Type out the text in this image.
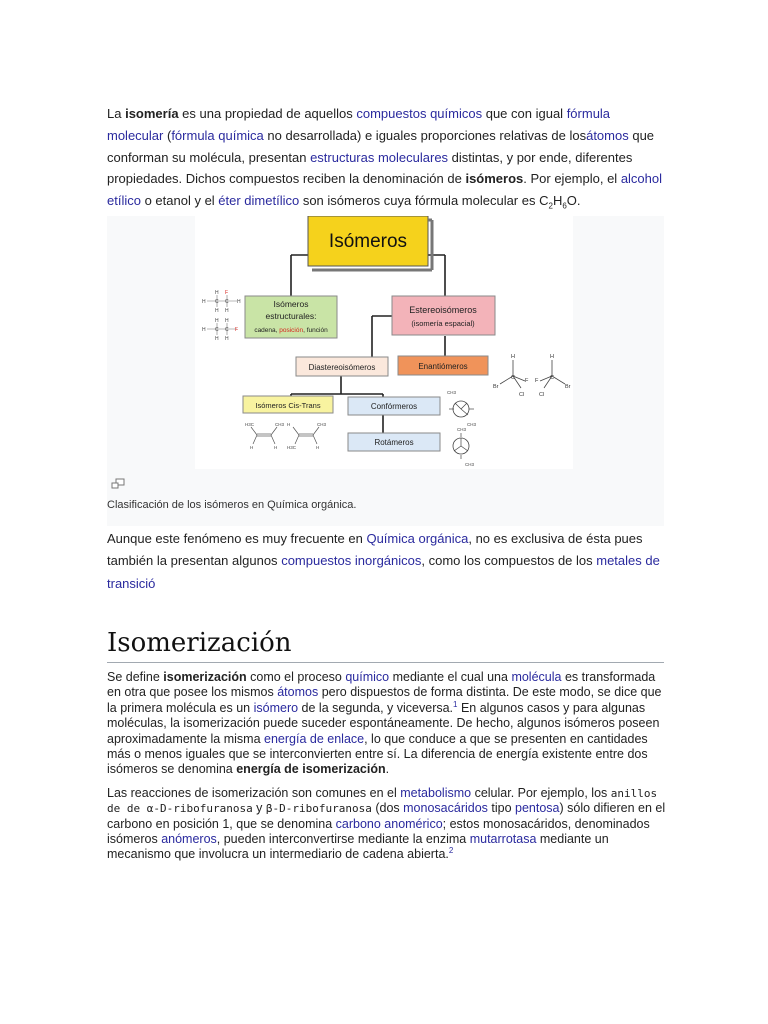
La isomería es una propiedad de aquellos compuestos químicos que con igual fórmula molecular (fórmula química no desarrollada) e iguales proporciones relativas de losátomos que conforman su molécula, presentan estructuras moleculares distintas, y por ende, diferentes propiedades. Dichos compuestos reciben la denominación de isómeros. Por ejemplo, el alcohol etílico o etanol y el éter dimetílico son isómeros cuya fórmula molecular es $C_2H_6O$.

Isómeros
Isómeros
estructurales:
cadena, posición, función
Estereoisómeros
(isomería espacial)
Diastereoisómeros	Enantiómeros
Isómeros Cis-Trans	Confórmeros
Rotámeros
H
H F
C C H
H H
H
H H
C C F
H H
H
C
Br
Cl
F
H
C
Br
Cl
F
H3C	CH3
H	H
H	CH3
H3C	H
CH3
CH3
CH3
CH3
Clasificación de los isómeros en Química orgánica.

Aunque este fenómeno es muy frecuente en Química orgánica, no es exclusiva de ésta pues también la presentan algunos compuestos inorgánicos, como los compuestos de los metales de transició

Isomerización

Se define isomerización como el proceso químico mediante el cual una molécula es transformada en otra que posee los mismos átomos pero dispuestos de forma distinta. De este modo, se dice que la primera molécula es un isómero de la segunda, y viceversa.$^1$ En algunos casos y para algunas moléculas, la isomerización puede suceder espontáneamente. De hecho, algunos isómeros poseen aproximadamente la misma energía de enlace, lo que conduce a que se presenten en cantidades más o menos iguales que se interconvierten entre sí. La diferencia de energía existente entre dos isómeros se denomina energía de isomerización.

Las reacciones de isomerización son comunes en el metabolismo celular. Por ejemplo, los anillos de de α-D-ribofuranosa y β-D-ribofuranosa (dos monosacáridos tipo pentosa) sólo difieren en el carbono en posición 1, que se denomina carbono anomérico; estos monosacáridos, denominados isómeros anómeros, pueden interconvertirse mediante la enzima mutarrotasa mediante un mecanismo que involucra un intermediario de cadena abierta.$^2$
